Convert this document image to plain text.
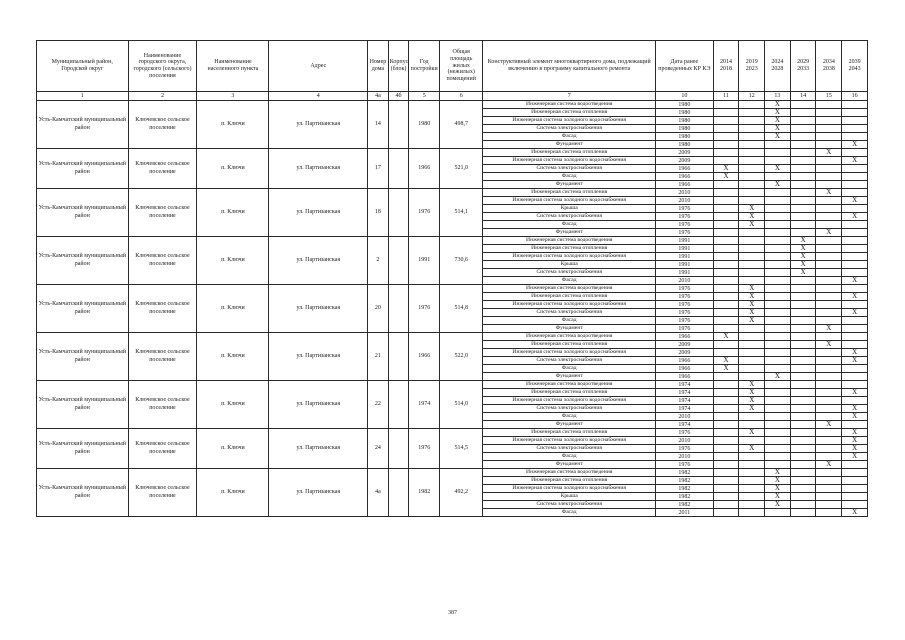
Муниципальный район, Городской округ	Наименование городского округа, городского (сельского) поселения	Наименование населенного пункта	Адрес	Номер дома	Корпус (блок)	Год постройки	Общая площадь жилых (нежилых) помещений	Конструктивный элемент многоквартирного дома, подлежащий включению в программу капитального ремонта	Дата ранее проведенных КР КЭ	2014 2018	2019 2023	2024 2028	2029 2033	2034 2038	2039 2043
1	2	3	4	4а	4б	5	6	7	10	11	12	13	14	15	16
Усть-Камчатский муниципальный район	Ключевское сельское поселение	п. Ключи	ул. Партизанская	14		1980	498,7	Инженерная система водоотведения	1980			X			
								Инженерная система отопления	1980			X			
								Инженерная система холодного водоснабжения	1980			X			
								Система электроснабжения	1980			X			
								Фасад	1980			X			
								Фундамент	1980						X
Усть-Камчатский муниципальный район	Ключевское сельское поселение	п. Ключи	ул. Партизанская	17		1966	521,0	Инженерная система отопления	2009					X	
								Инженерная система холодного водоснабжения	2009						X
								Система электроснабжения	1966	X		X			
								Фасад	1966	X					
								Фундамент	1966			X			
Усть-Камчатский муниципальный район	Ключевское сельское поселение	п. Ключи	ул. Партизанская	18		1976	514,1	Инженерная система отопления	2010					X	
								Инженерная система холодного водоснабжения	2010						X
								Крыша	1976		X				
								Система электроснабжения	1976		X				X
								Фасад	1976		X				
								Фундамент	1976					X	
Усть-Камчатский муниципальный район	Ключевское сельское поселение	п. Ключи	ул. Партизанская	2		1991	730,6	Инженерная система водоотведения	1991				X		
								Инженерная система отопления	1991				X		
								Инженерная система холодного водоснабжения	1991				X		
								Крыша	1991				X		
								Система электроснабжения	1991				X		
								Фасад	2010						X
Усть-Камчатский муниципальный район	Ключевское сельское поселение	п. Ключи	ул. Партизанская	20		1976	514,8	Инженерная система водоотведения	1976		X				
								Инженерная система отопления	1976		X				X
								Инженерная система холодного водоснабжения	1976		X				
								Система электроснабжения	1976		X				X
								Фасад	1976		X				
								Фундамент	1976					X	
Усть-Камчатский муниципальный район	Ключевское сельское поселение	п. Ключи	ул. Партизанская	21		1966	522,0	Инженерная система водоотведения	1966	X					
								Инженерная система отопления	2009					X	
								Инженерная система холодного водоснабжения	2009						X
								Система электроснабжения	1966	X					X
								Фасад	1966	X					
								Фундамент	1966			X			
Усть-Камчатский муниципальный район	Ключевское сельское поселение	п. Ключи	ул. Партизанская	22		1974	514,0	Инженерная система водоотведения	1974		X				
								Инженерная система отопления	1974		X				X
								Инженерная система холодного водоснабжения	1974		X				
								Система электроснабжения	1974		X				X
								Фасад	2010						X
								Фундамент	1974					X	
Усть-Камчатский муниципальный район	Ключевское сельское поселение	п. Ключи	ул. Партизанская	24		1976	514,5	Инженерная система отопления	1976		X				X
								Инженерная система холодного водоснабжения	2010						X
								Система электроснабжения	1976		X				X
								Фасад	2010						X
								Фундамент	1976					X	
Усть-Камчатский муниципальный район	Ключевское сельское поселение	п. Ключи	ул. Партизанская	4а		1982	492,2	Инженерная система водоотведения	1982			X			
								Инженерная система отопления	1982			X			
								Инженерная система холодного водоснабжения	1982			X			
								Крыша	1982			X			
								Система электроснабжения	1982			X			
								Фасад	2011						X
387
